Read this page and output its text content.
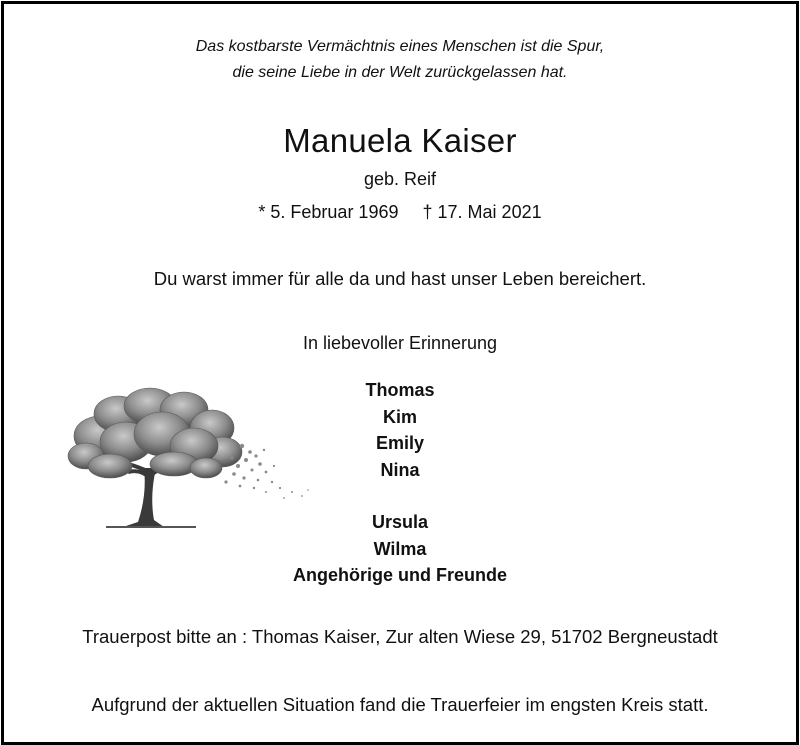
Das kostbarste Vermächtnis eines Menschen ist die Spur,
die seine Liebe in der Welt zurückgelassen hat.
Manuela Kaiser
geb. Reif
* 5. Februar 1969 † 17. Mai 2021
Du warst immer für alle da und hast unser Leben bereichert.
In liebevoller Erinnerung
Thomas
Kim
Emily
Nina
Ursula
Wilma
Angehörige und Freunde
Trauerpost bitte an : Thomas Kaiser, Zur alten Wiese 29, 51702 Bergneustadt
Aufgrund der aktuellen Situation fand die Trauerfeier im engsten Kreis statt.
